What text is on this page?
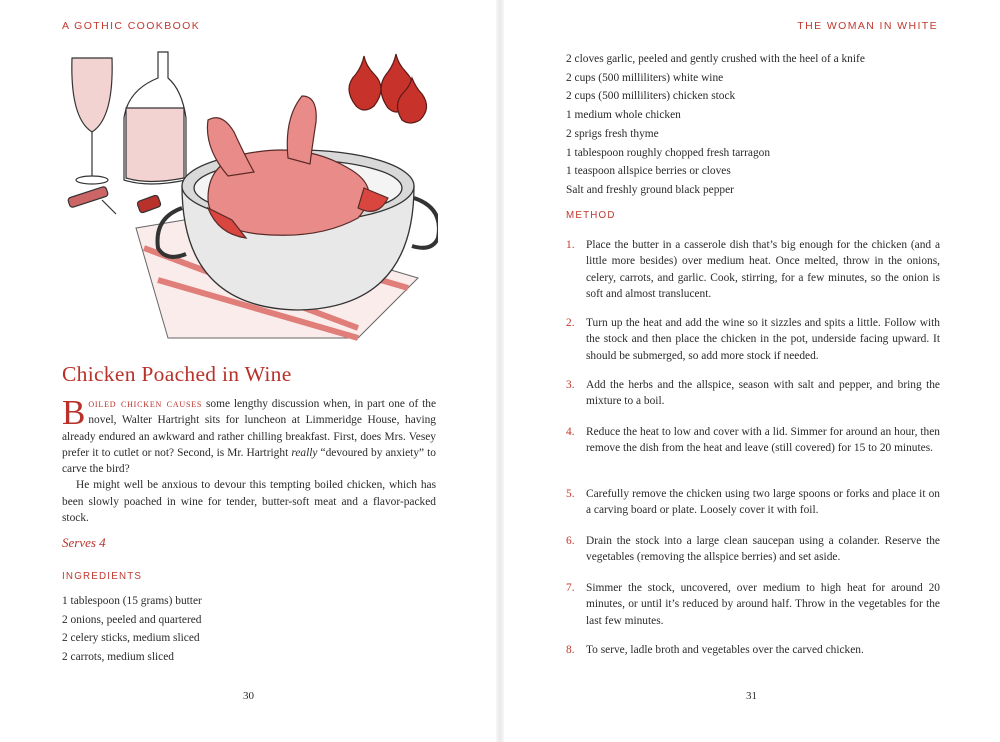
A GOTHIC COOKBOOK
Chicken Poached in Wine

Boiled chicken causes some lengthy discussion when, in part one of the novel, Walter Hartright sits for luncheon at Limmeridge House, having already endured an awkward and rather chilling breakfast. First, does Mrs. Vesey prefer it to cutlet or not? Second, is Mr. Hartright really “devoured by anxiety” to carve the bird?

He might well be anxious to devour this tempting boiled chicken, which has been slowly poached in wine for tender, butter-soft meat and a flavor-packed stock.

Serves 4
INGREDIENTS
1 tablespoon (15 grams) butter
2 onions, peeled and quartered
2 celery sticks, medium sliced
2 carrots, medium sliced
30
THE WOMAN IN WHITE
2 cloves garlic, peeled and gently crushed with the heel of a knife
2 cups (500 milliliters) white wine
2 cups (500 milliliters) chicken stock
1 medium whole chicken
2 sprigs fresh thyme
1 tablespoon roughly chopped fresh tarragon
1 teaspoon allspice berries or cloves
Salt and freshly ground black pepper
METHOD
1. Place the butter in a casserole dish that’s big enough for the chicken (and a little more besides) over medium heat. Once melted, throw in the onions, celery, carrots, and garlic. Cook, stirring, for a few minutes, so the onion is soft and almost translucent.
2. Turn up the heat and add the wine so it sizzles and spits a little. Follow with the stock and then place the chicken in the pot, underside facing upward. It should be submerged, so add more stock if needed.
3. Add the herbs and the allspice, season with salt and pepper, and bring the mixture to a boil.
4. Reduce the heat to low and cover with a lid. Simmer for around an hour, then remove the dish from the heat and leave (still covered) for 15 to 20 minutes.
5. Carefully remove the chicken using two large spoons or forks and place it on a carving board or plate. Loosely cover it with foil.
6. Drain the stock into a large clean saucepan using a colander. Reserve the vegetables (removing the allspice berries) and set aside.
7. Simmer the stock, uncovered, over medium to high heat for around 20 minutes, or until it’s reduced by around half. Throw in the vegetables for the last few minutes.
8. To serve, ladle broth and vegetables over the carved chicken.
31
